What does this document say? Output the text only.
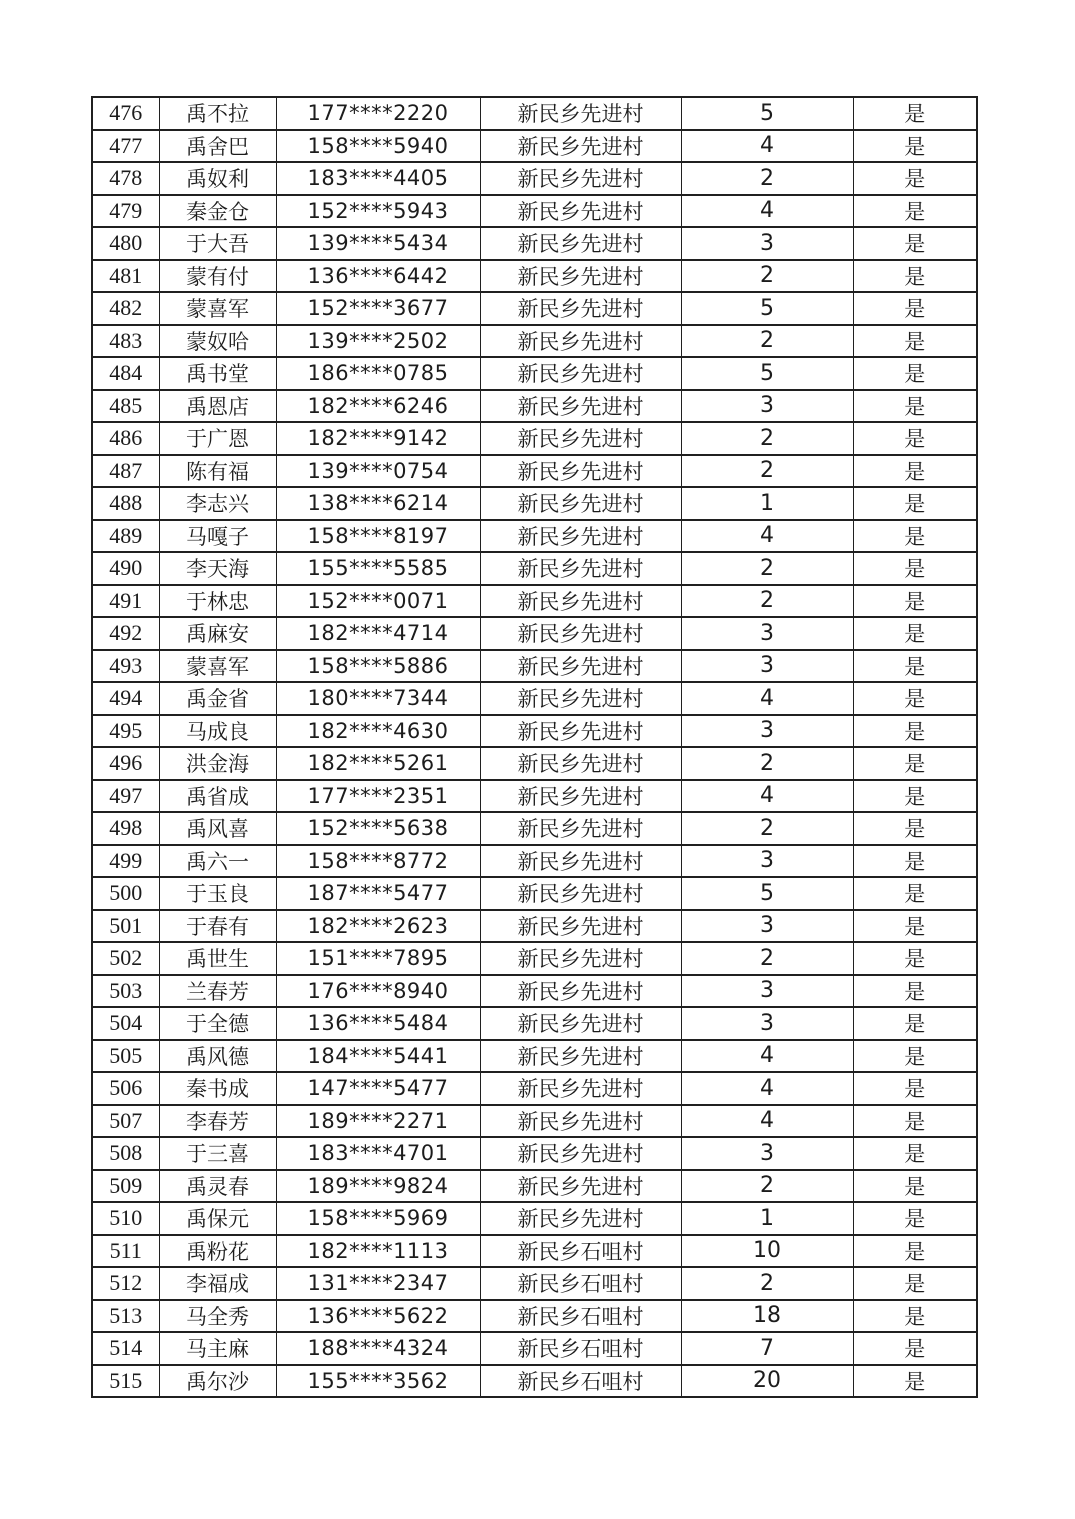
476	禹不拉	177****2220	新民乡先进村	5	是
477	禹舍巴	158****5940	新民乡先进村	4	是
478	禹奴利	183****4405	新民乡先进村	2	是
479	秦金仓	152****5943	新民乡先进村	4	是
480	于大吾	139****5434	新民乡先进村	3	是
481	蒙有付	136****6442	新民乡先进村	2	是
482	蒙喜军	152****3677	新民乡先进村	5	是
483	蒙奴哈	139****2502	新民乡先进村	2	是
484	禹书堂	186****0785	新民乡先进村	5	是
485	禹恩店	182****6246	新民乡先进村	3	是
486	于广恩	182****9142	新民乡先进村	2	是
487	陈有福	139****0754	新民乡先进村	2	是
488	李志兴	138****6214	新民乡先进村	1	是
489	马嘎子	158****8197	新民乡先进村	4	是
490	李天海	155****5585	新民乡先进村	2	是
491	于林忠	152****0071	新民乡先进村	2	是
492	禹麻安	182****4714	新民乡先进村	3	是
493	蒙喜军	158****5886	新民乡先进村	3	是
494	禹金省	180****7344	新民乡先进村	4	是
495	马成良	182****4630	新民乡先进村	3	是
496	洪金海	182****5261	新民乡先进村	2	是
497	禹省成	177****2351	新民乡先进村	4	是
498	禹风喜	152****5638	新民乡先进村	2	是
499	禹六一	158****8772	新民乡先进村	3	是
500	于玉良	187****5477	新民乡先进村	5	是
501	于春有	182****2623	新民乡先进村	3	是
502	禹世生	151****7895	新民乡先进村	2	是
503	兰春芳	176****8940	新民乡先进村	3	是
504	于全德	136****5484	新民乡先进村	3	是
505	禹风德	184****5441	新民乡先进村	4	是
506	秦书成	147****5477	新民乡先进村	4	是
507	李春芳	189****2271	新民乡先进村	4	是
508	于三喜	183****4701	新民乡先进村	3	是
509	禹灵春	189****9824	新民乡先进村	2	是
510	禹保元	158****5969	新民乡先进村	1	是
511	禹粉花	182****1113	新民乡石咀村	10	是
512	李福成	131****2347	新民乡石咀村	2	是
513	马全秀	136****5622	新民乡石咀村	18	是
514	马主麻	188****4324	新民乡石咀村	7	是
515	禹尔沙	155****3562	新民乡石咀村	20	是
